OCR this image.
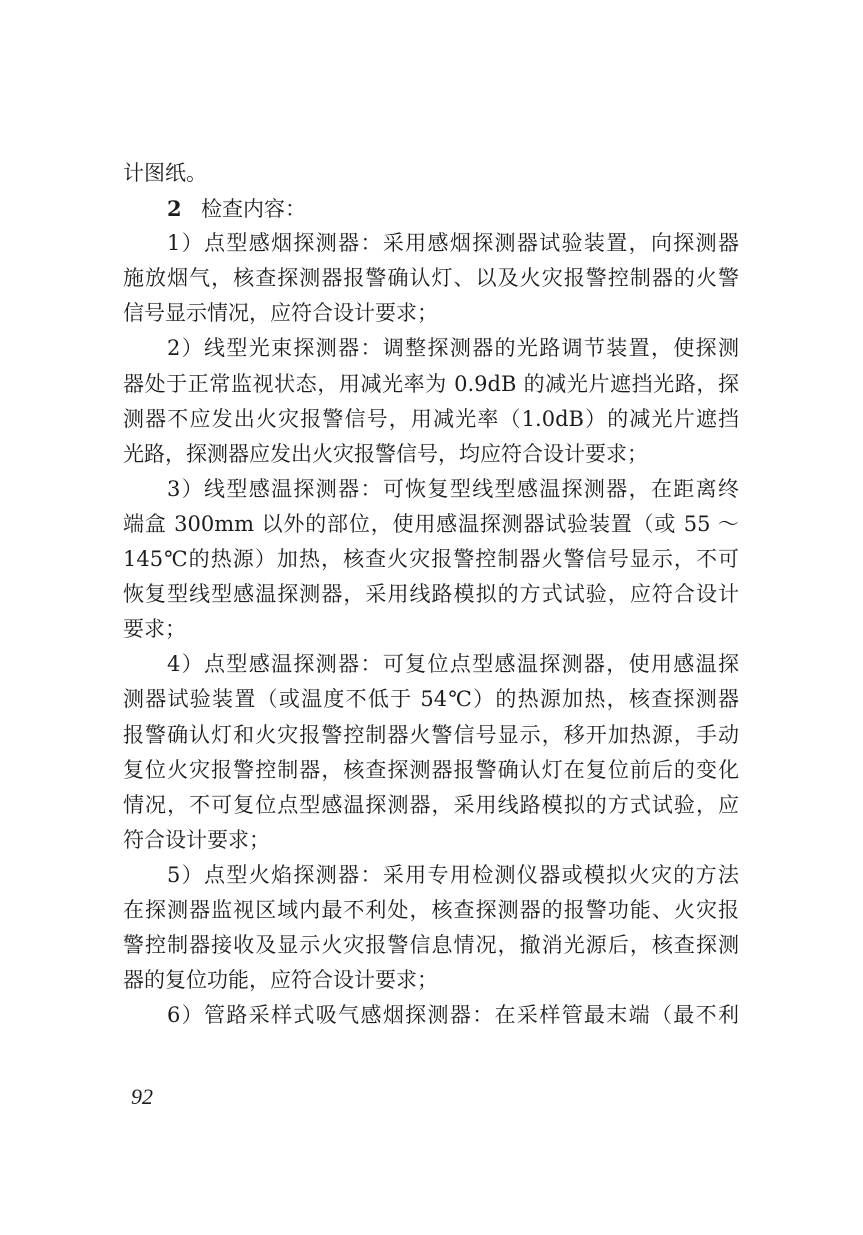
计图纸。
2 检查内容：
1）点型感烟探测器：采用感烟探测器试验装置，向探测器
施放烟气，核查探测器报警确认灯、以及火灾报警控制器的火警
信号显示情况，应符合设计要求；
2）线型光束探测器：调整探测器的光路调节装置，使探测
器处于正常监视状态，用减光率为 0.9dB 的减光片遮挡光路，探
测器不应发出火灾报警信号，用减光率（1.0dB）的减光片遮挡
光路，探测器应发出火灾报警信号，均应符合设计要求；
3）线型感温探测器：可恢复型线型感温探测器，在距离终
端盒 300mm 以外的部位，使用感温探测器试验装置（或 55 ～
145℃的热源）加热，核查火灾报警控制器火警信号显示，不可
恢复型线型感温探测器，采用线路模拟的方式试验，应符合设计
要求；
4）点型感温探测器：可复位点型感温探测器，使用感温探
测器试验装置（或温度不低于 54℃）的热源加热，核查探测器
报警确认灯和火灾报警控制器火警信号显示，移开加热源，手动
复位火灾报警控制器，核查探测器报警确认灯在复位前后的变化
情况，不可复位点型感温探测器，采用线路模拟的方式试验，应
符合设计要求；
5）点型火焰探测器：采用专用检测仪器或模拟火灾的方法
在探测器监视区域内最不利处，核查探测器的报警功能、火灾报
警控制器接收及显示火灾报警信息情况，撤消光源后，核查探测
器的复位功能，应符合设计要求；
6）管路采样式吸气感烟探测器：在采样管最末端（最不利
92
